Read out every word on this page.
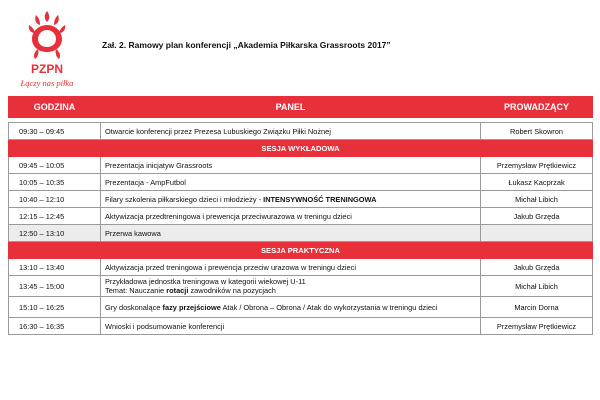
PZPN
Łączy nas piłka
Zał. 2. Ramowy plan konferencji „Akademia Piłkarska Grassroots 2017”
GODZINA	PANEL	PROWADZĄCY

09:30 – 09:45	Otwarcie konferencji przez Prezesa Lubuskiego Związku Piłki Nożnej	Robert Skowron
SESJA WYKŁADOWA		
09:45 – 10:05	Prezentacja inicjatyw Grassroots	Przemysław Prętkiewicz
10:05 – 10:35	Prezentacja - AmpFutbol	Łukasz Kacprzak
10:40 – 12:10	Filary szkolenia piłkarskiego dzieci i młodzieży - INTENSYWNOŚĆ TRENINGOWA	Michał Libich
12:15 – 12:45	Aktywizacja przedtreningowa i prewencja przeciwurazowa w treningu dzieci	Jakub Grzęda
12:50 – 13:10	Przerwa kawowa	
SESJA PRAKTYCZNA		
13:10 – 13:40	Aktywizacja przed treningowa i prewencja przeciw urazowa w treningu dzieci	Jakub Grzęda
13:45 – 15:00	Przykładowa jednostka treningowa w kategorii wiekowej U-11
Temat: Nauczanie rotacji zawodników na pozycjach	Michał Libich
15:10 – 16:25	Gry doskonalące fazy przejściowe Atak / Obrona – Obrona / Atak do wykorzystania w treningu dzieci	Marcin Dorna
16:30 – 16:35	Wnioski i podsumowanie konferencji	Przemysław Prętkiewicz
